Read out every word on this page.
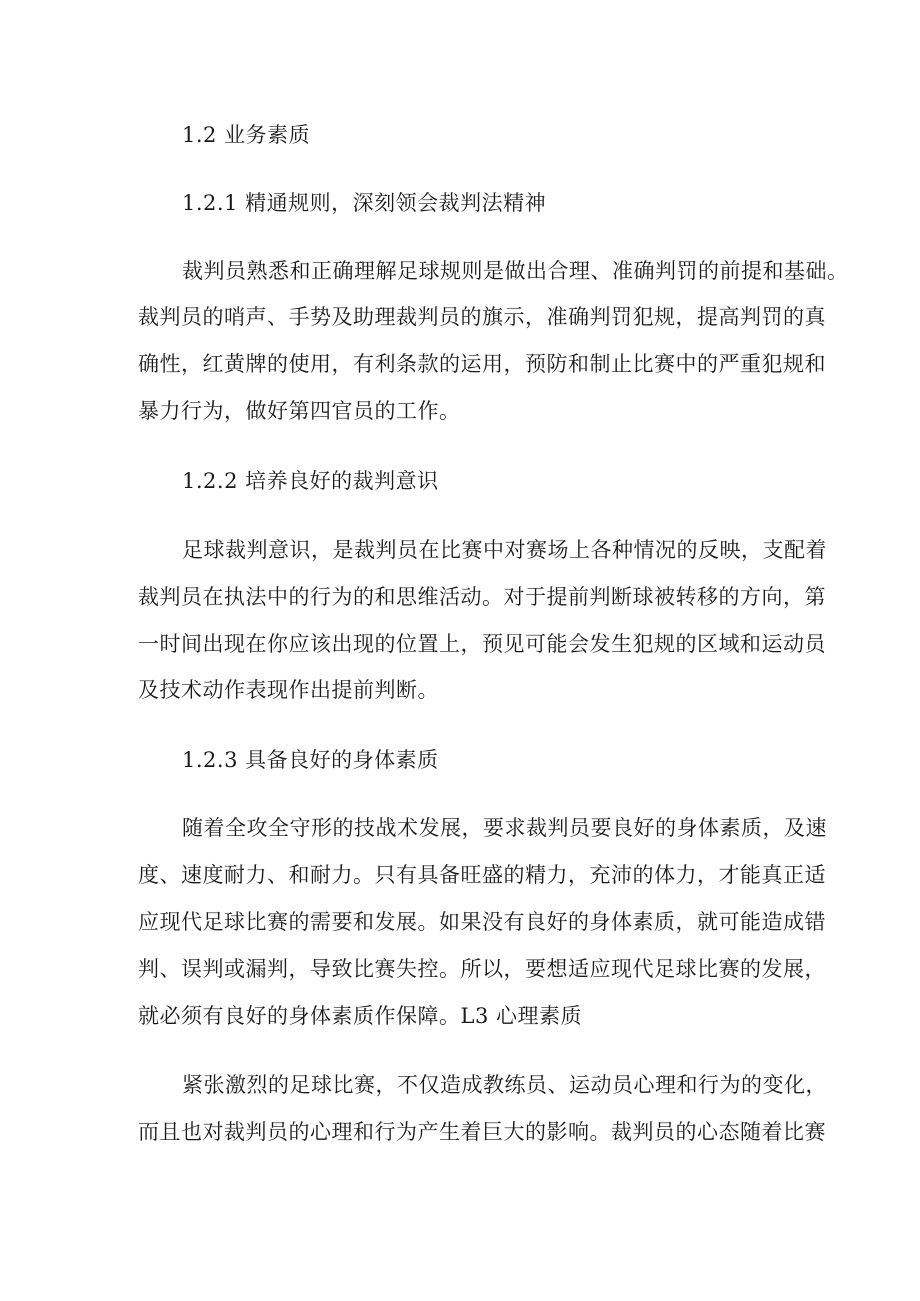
1.2 业务素质
1.2.1 精通规则，深刻领会裁判法精神
裁判员熟悉和正确理解足球规则是做出合理、准确判罚的前提和基础。
裁判员的哨声、手势及助理裁判员的旗示，准确判罚犯规，提高判罚的真
确性，红黄牌的使用，有利条款的运用，预防和制止比赛中的严重犯规和
暴力行为，做好第四官员的工作。
1.2.2 培养良好的裁判意识
足球裁判意识，是裁判员在比赛中对赛场上各种情况的反映，支配着
裁判员在执法中的行为的和思维活动。对于提前判断球被转移的方向，第
一时间出现在你应该出现的位置上，预见可能会发生犯规的区域和运动员
及技术动作表现作出提前判断。
1.2.3 具备良好的身体素质
随着全攻全守形的技战术发展，要求裁判员要良好的身体素质，及速
度、速度耐力、和耐力。只有具备旺盛的精力，充沛的体力，才能真正适
应现代足球比赛的需要和发展。如果没有良好的身体素质，就可能造成错
判、误判或漏判，导致比赛失控。所以，要想适应现代足球比赛的发展，
就必须有良好的身体素质作保障。L3 心理素质
紧张激烈的足球比赛，不仅造成教练员、运动员心理和行为的变化，
而且也对裁判员的心理和行为产生着巨大的影响。裁判员的心态随着比赛
